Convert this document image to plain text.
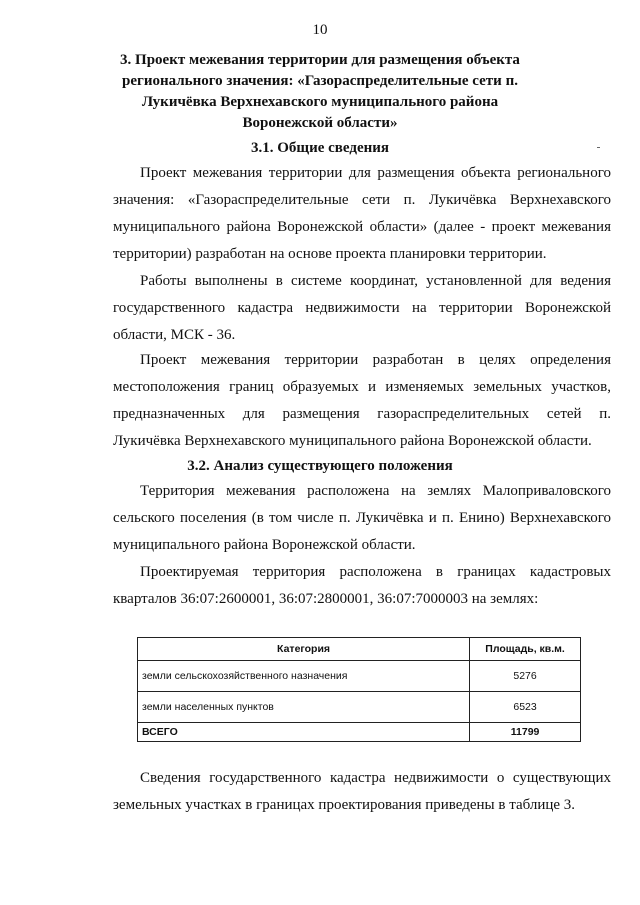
10
3. Проект межевания территории для размещения объекта регионального значения: «Газораспределительные сети п. Лукичёвка Верхнехавского муниципального района Воронежской области»
3.1. Общие сведения
Проект межевания территории для размещения объекта регионального значения: «Газораспределительные сети п. Лукичёвка Верхнехавского муниципального района Воронежской области» (далее - проект межевания территории) разработан на основе проекта планировки территории.
Работы выполнены в системе координат, установленной для ведения государственного кадастра недвижимости на территории Воронежской области, МСК - 36.
Проект межевания территории разработан в целях определения местоположения границ образуемых и изменяемых земельных участков, предназначенных для размещения газораспределительных сетей п. Лукичёвка Верхнехавского муниципального района Воронежской области.
3.2. Анализ существующего положения
Территория межевания расположена на землях Малоприваловского сельского поселения (в том числе п. Лукичёвка и п. Енино) Верхнехавского муниципального района Воронежской области.
Проектируемая территория расположена в границах кадастровых кварталов 36:07:2600001, 36:07:2800001, 36:07:7000003 на землях:
Категория	Площадь, кв.м.
земли сельскохозяйственного назначения	5276
земли населенных пунктов	6523
ВСЕГО	11799
Сведения государственного кадастра недвижимости о существующих земельных участках в границах проектирования приведены в таблице 3.
